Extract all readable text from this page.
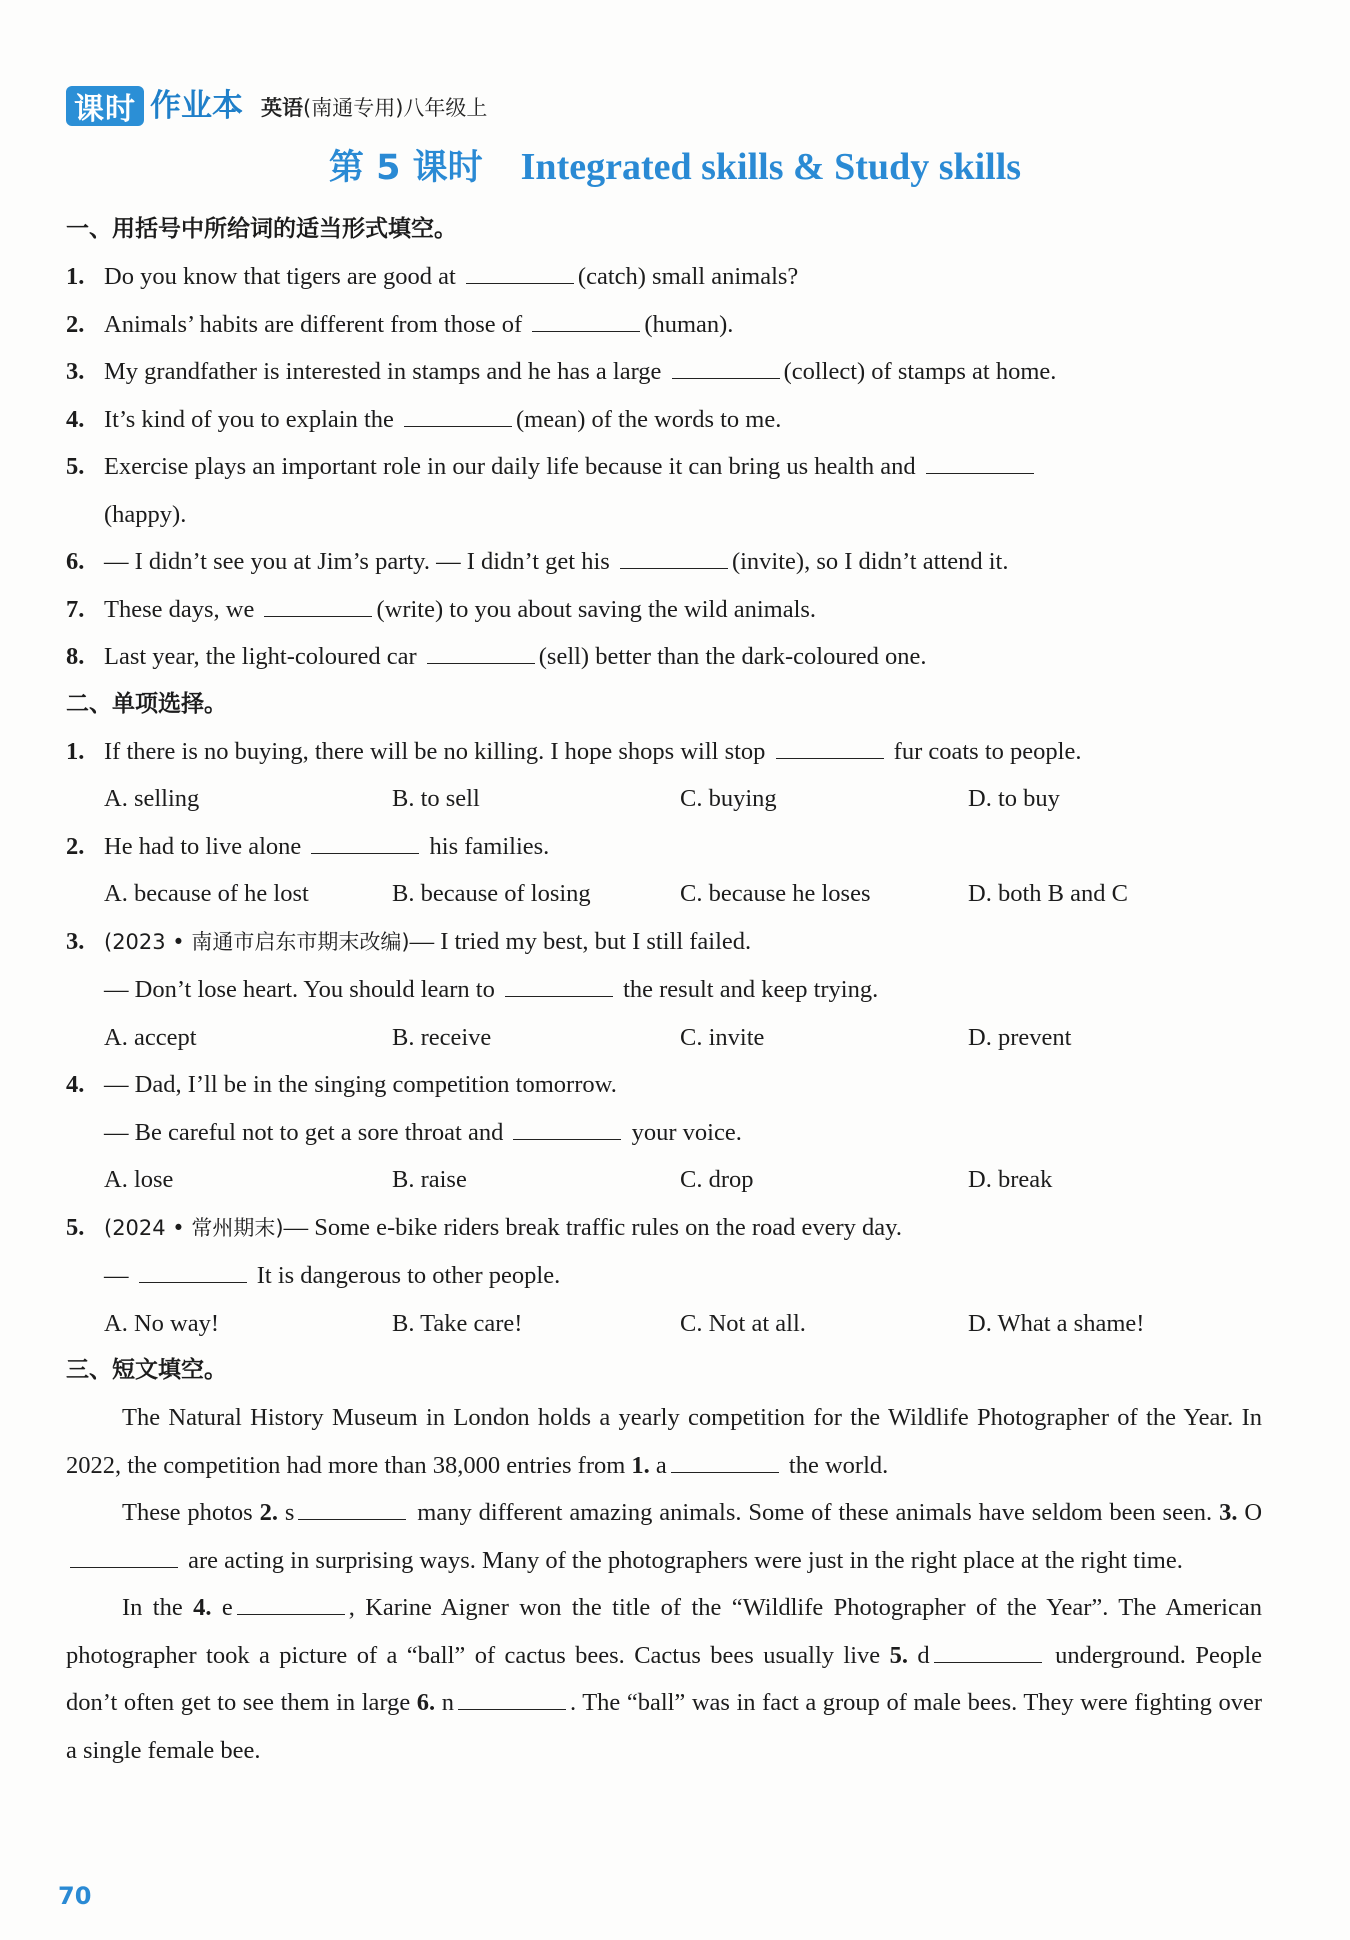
课时 作业本 英语(南通专用)八年级上
第 5 课时 Integrated skills & Study skills
一、用括号中所给词的适当形式填空。
1. Do you know that tigers are good at	(catch) small animals?
2. Animals’ habits are different from those of	(human).
3. My grandfather is interested in stamps and he has a large	(collect) of stamps at home.
4. It’s kind of you to explain the	(mean) of the words to me.
5. Exercise plays an important role in our daily life because it can bring us health and
(happy).
6. — I didn’t see you at Jim’s party. — I didn’t get his	(invite), so I didn’t attend it.
7. These days, we	(write) to you about saving the wild animals.
8. Last year, the light-coloured car	(sell) better than the dark-coloured one.
二、单项选择。
1. If there is no buying, there will be no killing. I hope shops will stop	fur coats to people.
A. selling	B. to sell	C. buying	D. to buy
2. He had to live alone	his families.
A. because of he lost	B. because of losing	C. because he loses	D. both B and C
3. (2023 • 南通市启东市期末改编)— I tried my best, but I still failed.
— Don’t lose heart. You should learn to	the result and keep trying.
A. accept	B. receive	C. invite	D. prevent
4. — Dad, I’ll be in the singing competition tomorrow.
— Be careful not to get a sore throat and	your voice.
A. lose	B. raise	C. drop	D. break
5. (2024 • 常州期末)— Some e-bike riders break traffic rules on the road every day.
—	It is dangerous to other people.
A. No way!	B. Take care!	C. Not at all.	D. What a shame!
三、短文填空。
The Natural History Museum in London holds a yearly competition for the Wildlife Photographer of the Year. In 2022, the competition had more than 38,000 entries from 1. a	the world.
These photos 2. s	many different amazing animals. Some of these animals have seldom been seen. 3. O are acting in surprising ways. Many of the photographers were just in the right place at the right time.
In the 4. e	, Karine Aigner won the title of the “Wildlife Photographer of the Year”. The American photographer took a picture of a “ball” of cactus bees. Cactus bees usually live 5. d	underground. People don’t often get to see them in large 6. n	. The “ball” was in fact a group of male bees. They were fighting over a single female bee.
70
